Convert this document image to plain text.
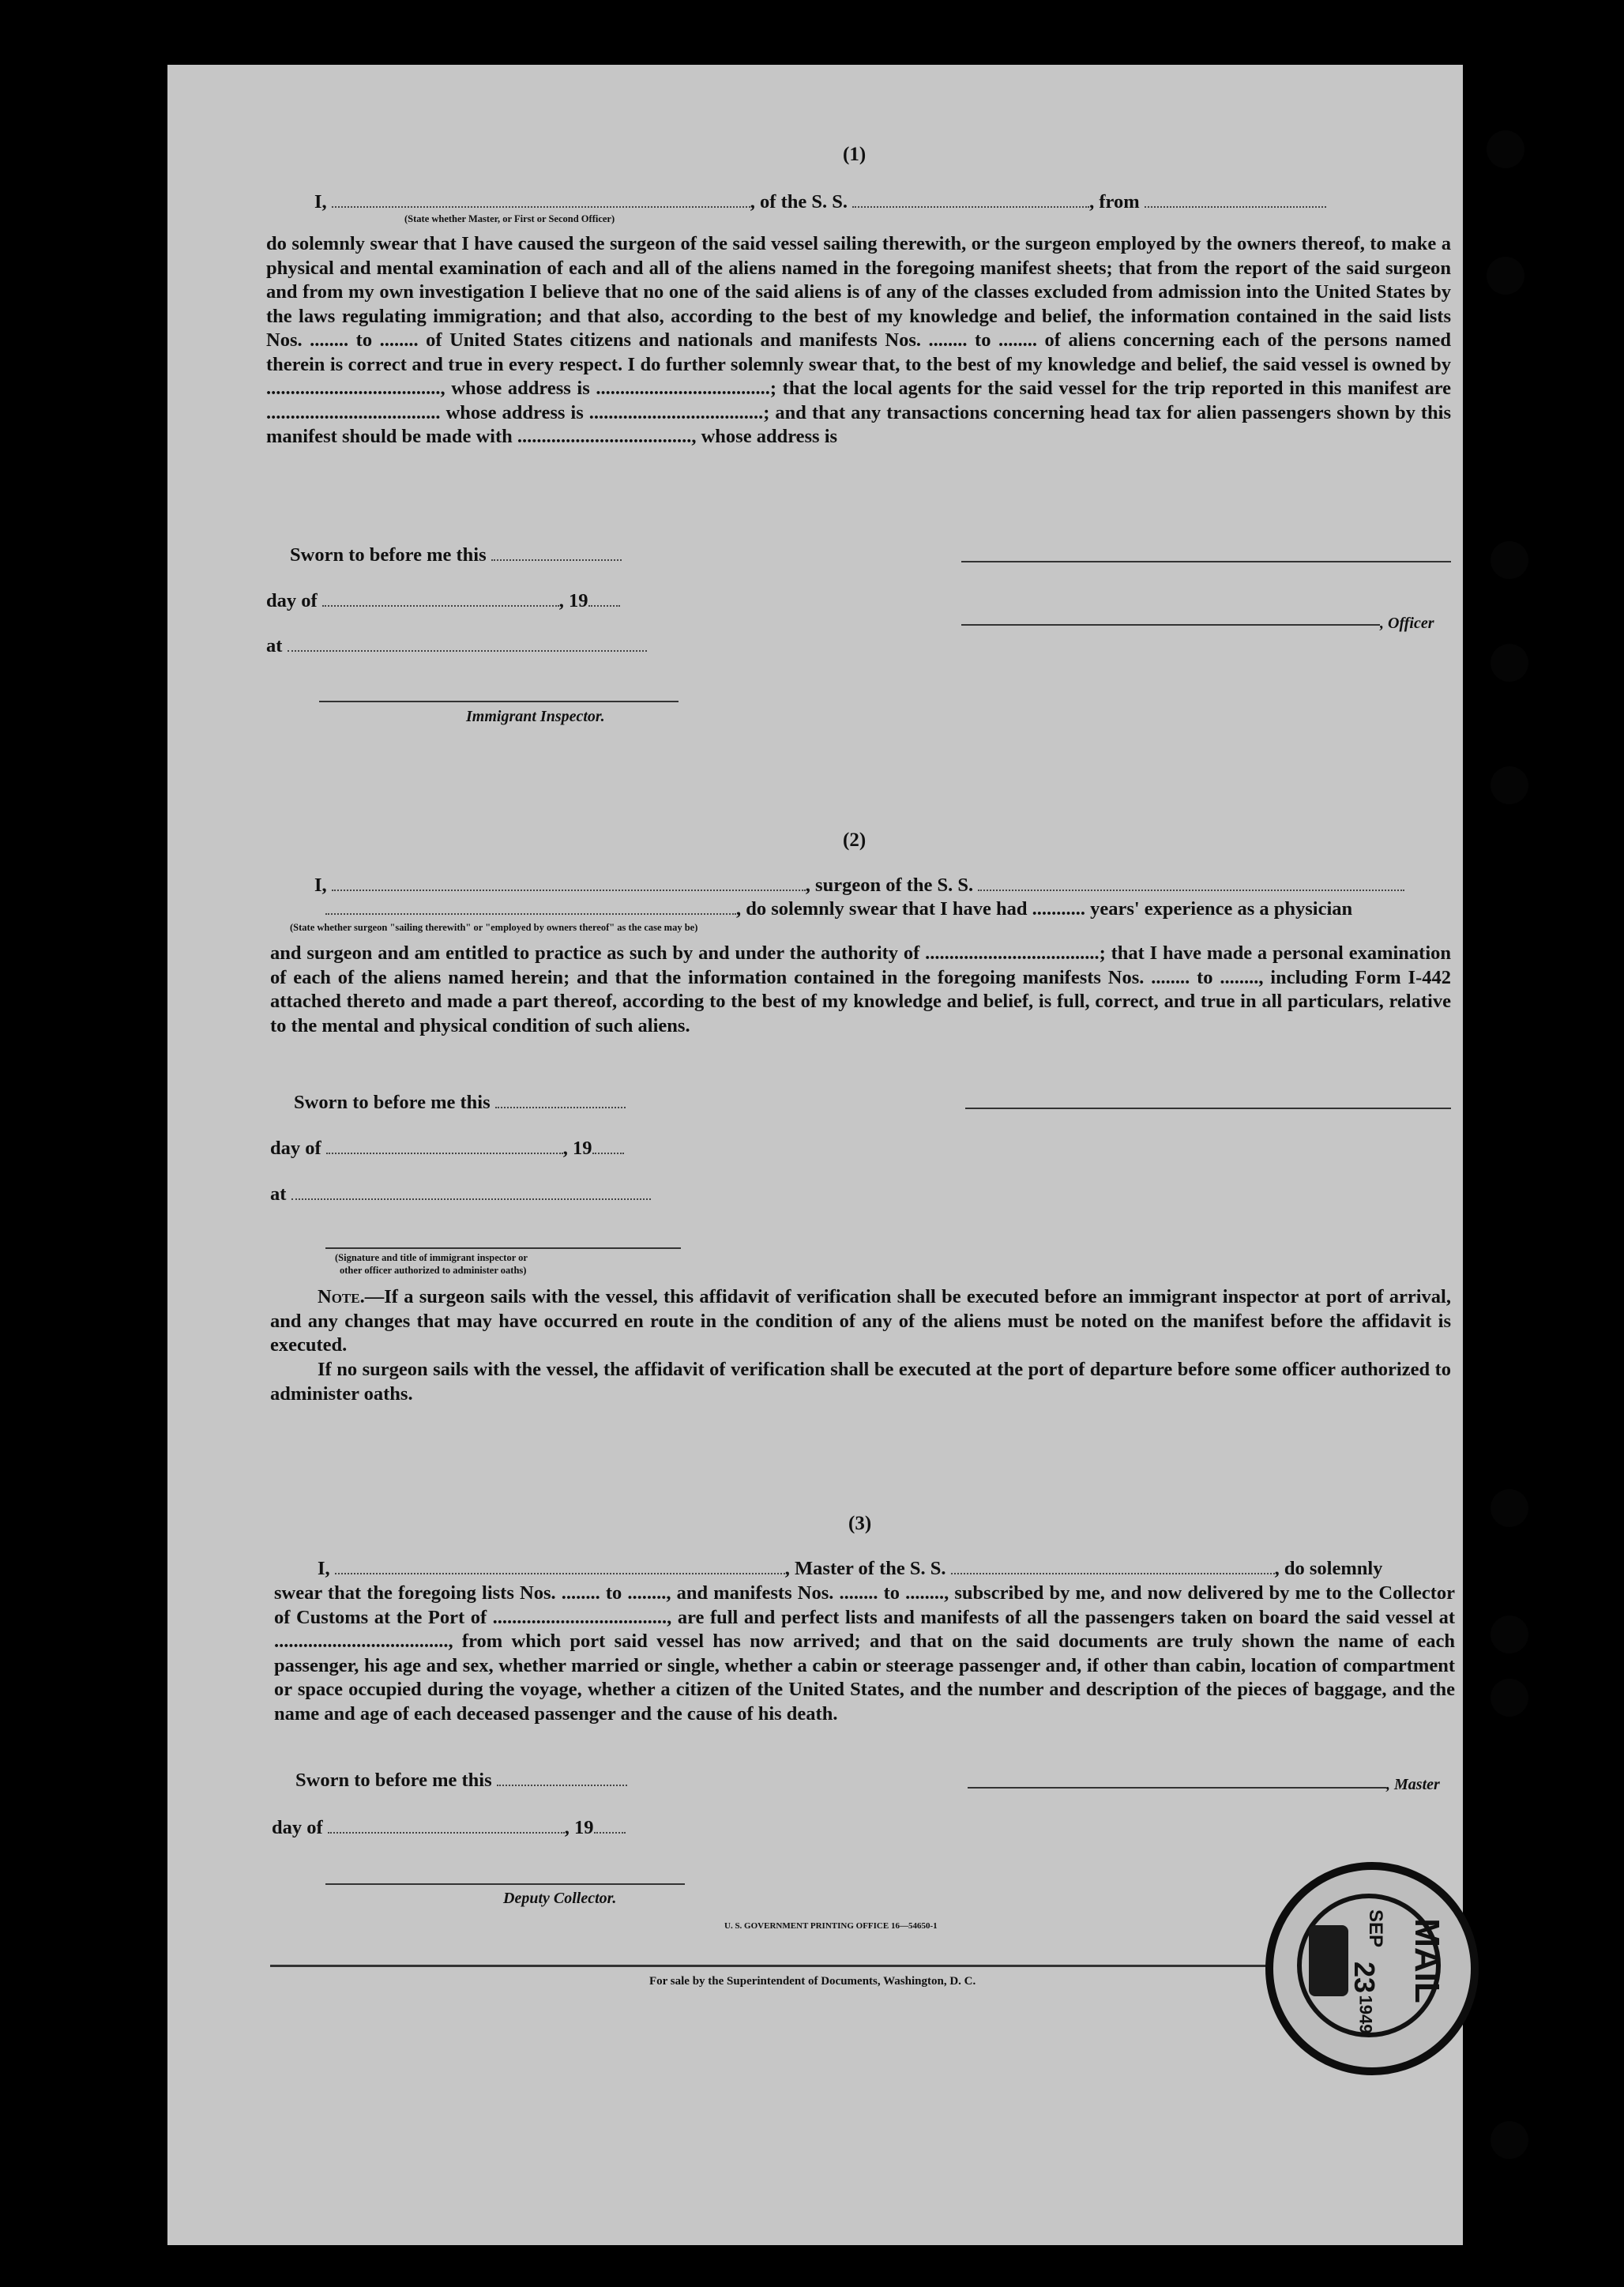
(1)
I,	, of the S. S.	, from
(State whether Master, or First or Second Officer)
do solemnly swear that I have caused the surgeon of the said vessel sailing therewith, or the surgeon employed by the owners thereof, to make a physical and mental examination of each and all of the aliens named in the foregoing manifest sheets; that from the report of the said surgeon and from my own investigation I believe that no one of the said aliens is of any of the classes excluded from admission into the United States by the laws regulating immigration; and that also, according to the best of my knowledge and belief, the information contained in the said lists Nos. ........ to ........ of United States citizens and nationals and manifests Nos. ........ to ........ of aliens concerning each of the persons named therein is correct and true in every respect. I do further solemnly swear that, to the best of my knowledge and belief, the said vessel is owned by ...................................., whose address is ....................................; that the local agents for the said vessel for the trip reported in this manifest are .................................... whose address is ....................................; and that any transactions concerning head tax for alien passengers shown by this manifest should be made with ...................................., whose address is
Sworn to before me this
day of	, 19
, Officer
at
Immigrant Inspector.
(2)
I,	, surgeon of the S. S.
, do solemnly swear that I have had ........... years' experience as a physician
(State whether surgeon "sailing therewith" or "employed by owners thereof" as the case may be)
and surgeon and am entitled to practice as such by and under the authority of ....................................; that I have made a personal examination of each of the aliens named herein; and that the information contained in the foregoing manifests Nos. ........ to ........, including Form I-442 attached thereto and made a part thereof, according to the best of my knowledge and belief, is full, correct, and true in all particulars, relative to the mental and physical condition of such aliens.
Sworn to before me this
day of	, 19
at
(Signature and title of immigrant inspector or
other officer authorized to administer oaths)
Note.—If a surgeon sails with the vessel, this affidavit of verification shall be executed before an immigrant inspector at port of arrival, and any changes that may have occurred en route in the condition of any of the aliens must be noted on the manifest before the affidavit is executed.
If no surgeon sails with the vessel, the affidavit of verification shall be executed at the port of departure before some officer authorized to administer oaths.
(3)
I,	, Master of the S. S.	, do solemnly
swear that the foregoing lists Nos. ........ to ........, and manifests Nos. ........ to ........, subscribed by me, and now delivered by me to the Collector of Customs at the Port of ...................................., are full and perfect lists and manifests of all the passengers taken on board the said vessel at ...................................., from which port said vessel has now arrived; and that on the said documents are truly shown the name of each passenger, his age and sex, whether married or single, whether a cabin or steerage passenger and, if other than cabin, location of compartment or space occupied during the voyage, whether a citizen of the United States, and the number and description of the pieces of baggage, and the name and age of each deceased passenger and the cause of his death.
Sworn to before me this	, Master
day of	, 19
Deputy Collector.
U. S. GOVERNMENT PRINTING OFFICE 16—54650-1
For sale by the Superintendent of Documents, Washington, D. C.	MAIL
SEP
23
1949
